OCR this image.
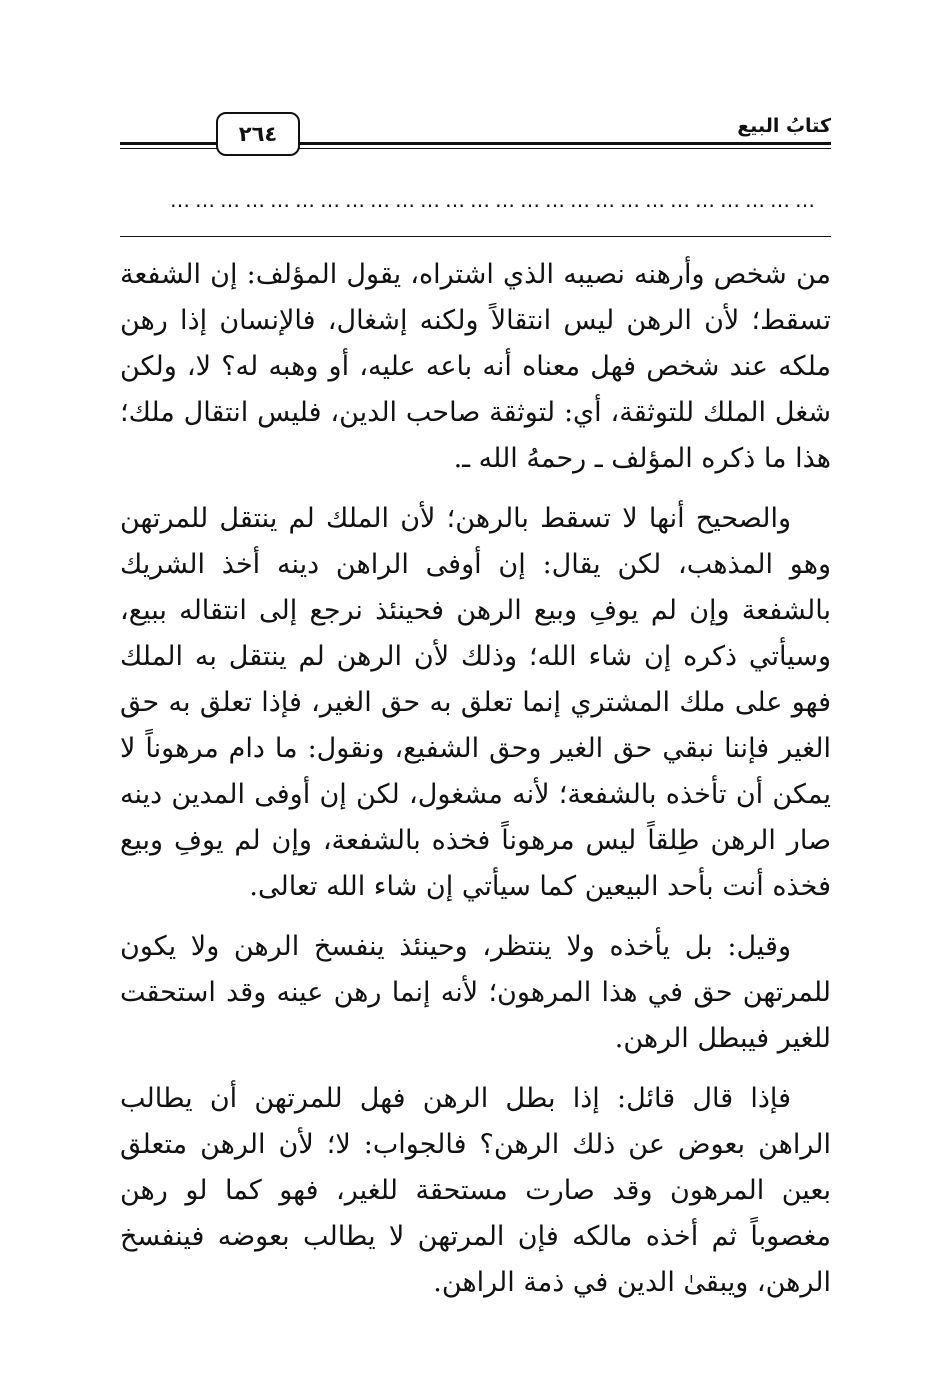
كتابُ البيع
٢٦٤
……………………………………………………………………

من شخص وأرهنه نصيبه الذي اشتراه، يقول المؤلف: إن الشفعة تسقط؛ لأن الرهن ليس انتقالاً ولكنه إشغال، فالإنسان إذا رهن ملكه عند شخص فهل معناه أنه باعه عليه، أو وهبه له؟ لا، ولكن شغل الملك للتوثقة، أي: لتوثقة صاحب الدين، فليس انتقال ملك؛ هذا ما ذكره المؤلف ـ رحمهُ الله ـ.

والصحيح أنها لا تسقط بالرهن؛ لأن الملك لم ينتقل للمرتهن وهو المذهب، لكن يقال: إن أوفى الراهن دينه أخذ الشريك بالشفعة وإن لم يوفِ وبيع الرهن فحينئذ نرجع إلى انتقاله ببيع، وسيأتي ذكره إن شاء الله؛ وذلك لأن الرهن لم ينتقل به الملك فهو على ملك المشتري إنما تعلق به حق الغير، فإذا تعلق به حق الغير فإننا نبقي حق الغير وحق الشفيع، ونقول: ما دام مرهوناً لا يمكن أن تأخذه بالشفعة؛ لأنه مشغول، لكن إن أوفى المدين دينه صار الرهن طِلقاً ليس مرهوناً فخذه بالشفعة، وإن لم يوفِ وبيع فخذه أنت بأحد البيعين كما سيأتي إن شاء الله تعالى.

وقيل: بل يأخذه ولا ينتظر، وحينئذ ينفسخ الرهن ولا يكون للمرتهن حق في هذا المرهون؛ لأنه إنما رهن عينه وقد استحقت للغير فيبطل الرهن.

فإذا قال قائل: إذا بطل الرهن فهل للمرتهن أن يطالب الراهن بعوض عن ذلك الرهن؟ فالجواب: لا؛ لأن الرهن متعلق بعين المرهون وقد صارت مستحقة للغير، فهو كما لو رهن مغصوباً ثم أخذه مالكه فإن المرتهن لا يطالب بعوضه فينفسخ الرهن، ويبقىٰ الدين في ذمة الراهن.
